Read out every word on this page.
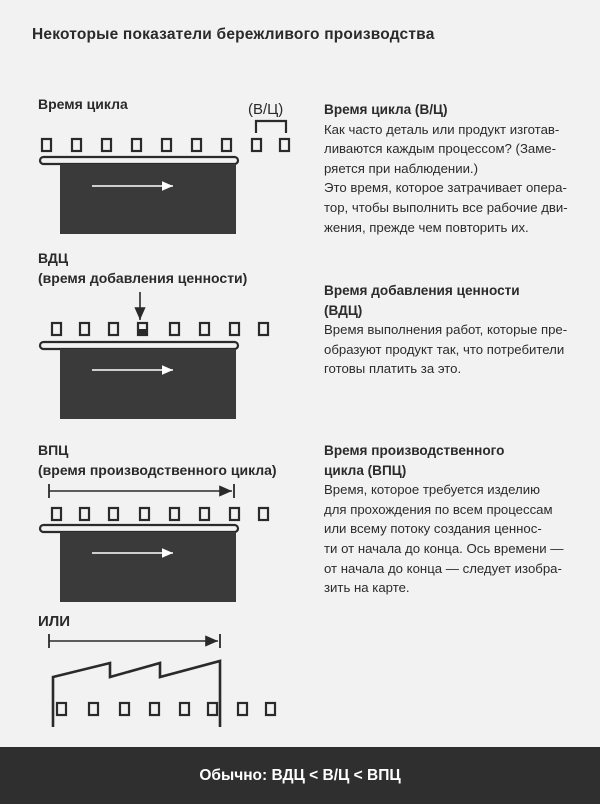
Некоторые показатели бережливого производства
Время цикла	(В/Ц)
ВДЦ
(время добавления ценности)
ВПЦ
(время производственного цикла)
ИЛИ
Время цикла (В/Ц)
Как часто деталь или продукт изготав-
ливаются каждым процессом? (Заме-
ряется при наблюдении.)
Это время, которое затрачивает опера-
тор, чтобы выполнить все рабочие дви-
жения, прежде чем повторить их.
Время добавления ценности
(ВДЦ)
Время выполнения работ, которые пре-
образуют продукт так, что потребители
готовы платить за это.
Время производственного
цикла (ВПЦ)
Время, которое требуется изделию
для прохождения по всем процессам
или всему потоку создания ценнос-
ти от начала до конца. Ось времени —
от начала до конца — следует изобра-
зить на карте.
Обычно: ВДЦ < В/Ц < ВПЦ
